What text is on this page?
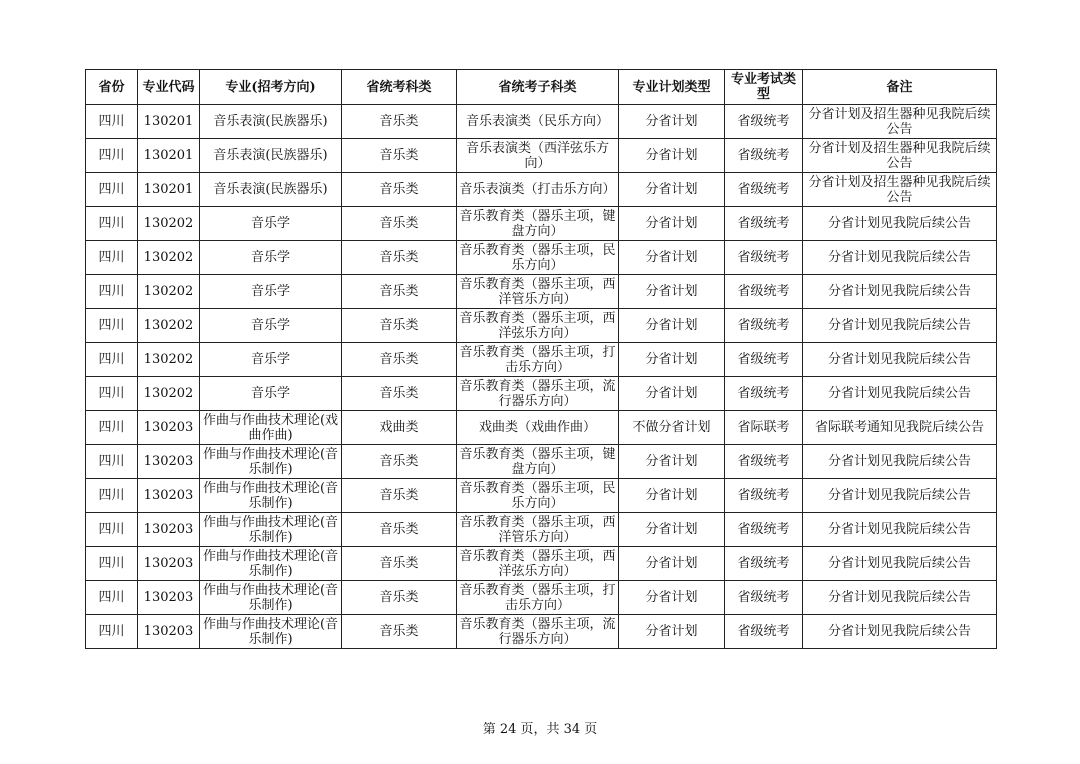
省份	专业代码	专业(招考方向)	省统考科类	省统考子科类	专业计划类型	专业考试类型	备注
四川	130201	音乐表演(民族器乐)	音乐类	音乐表演类（民乐方向）	分省计划	省级统考	分省计划及招生器种见我院后续公告
四川	130201	音乐表演(民族器乐)	音乐类	音乐表演类（西洋弦乐方向）	分省计划	省级统考	分省计划及招生器种见我院后续公告
四川	130201	音乐表演(民族器乐)	音乐类	音乐表演类（打击乐方向）	分省计划	省级统考	分省计划及招生器种见我院后续公告
四川	130202	音乐学	音乐类	音乐教育类（器乐主项，键盘方向）	分省计划	省级统考	分省计划见我院后续公告
四川	130202	音乐学	音乐类	音乐教育类（器乐主项，民乐方向）	分省计划	省级统考	分省计划见我院后续公告
四川	130202	音乐学	音乐类	音乐教育类（器乐主项，西洋管乐方向）	分省计划	省级统考	分省计划见我院后续公告
四川	130202	音乐学	音乐类	音乐教育类（器乐主项，西洋弦乐方向）	分省计划	省级统考	分省计划见我院后续公告
四川	130202	音乐学	音乐类	音乐教育类（器乐主项，打击乐方向）	分省计划	省级统考	分省计划见我院后续公告
四川	130202	音乐学	音乐类	音乐教育类（器乐主项，流行器乐方向）	分省计划	省级统考	分省计划见我院后续公告
四川	130203	作曲与作曲技术理论(戏曲作曲)	戏曲类	戏曲类（戏曲作曲）	不做分省计划	省际联考	省际联考通知见我院后续公告
四川	130203	作曲与作曲技术理论(音乐制作)	音乐类	音乐教育类（器乐主项，键盘方向）	分省计划	省级统考	分省计划见我院后续公告
四川	130203	作曲与作曲技术理论(音乐制作)	音乐类	音乐教育类（器乐主项，民乐方向）	分省计划	省级统考	分省计划见我院后续公告
四川	130203	作曲与作曲技术理论(音乐制作)	音乐类	音乐教育类（器乐主项，西洋管乐方向）	分省计划	省级统考	分省计划见我院后续公告
四川	130203	作曲与作曲技术理论(音乐制作)	音乐类	音乐教育类（器乐主项，西洋弦乐方向）	分省计划	省级统考	分省计划见我院后续公告
四川	130203	作曲与作曲技术理论(音乐制作)	音乐类	音乐教育类（器乐主项，打击乐方向）	分省计划	省级统考	分省计划见我院后续公告
四川	130203	作曲与作曲技术理论(音乐制作)	音乐类	音乐教育类（器乐主项，流行器乐方向）	分省计划	省级统考	分省计划见我院后续公告
第 24 页，共 34 页
